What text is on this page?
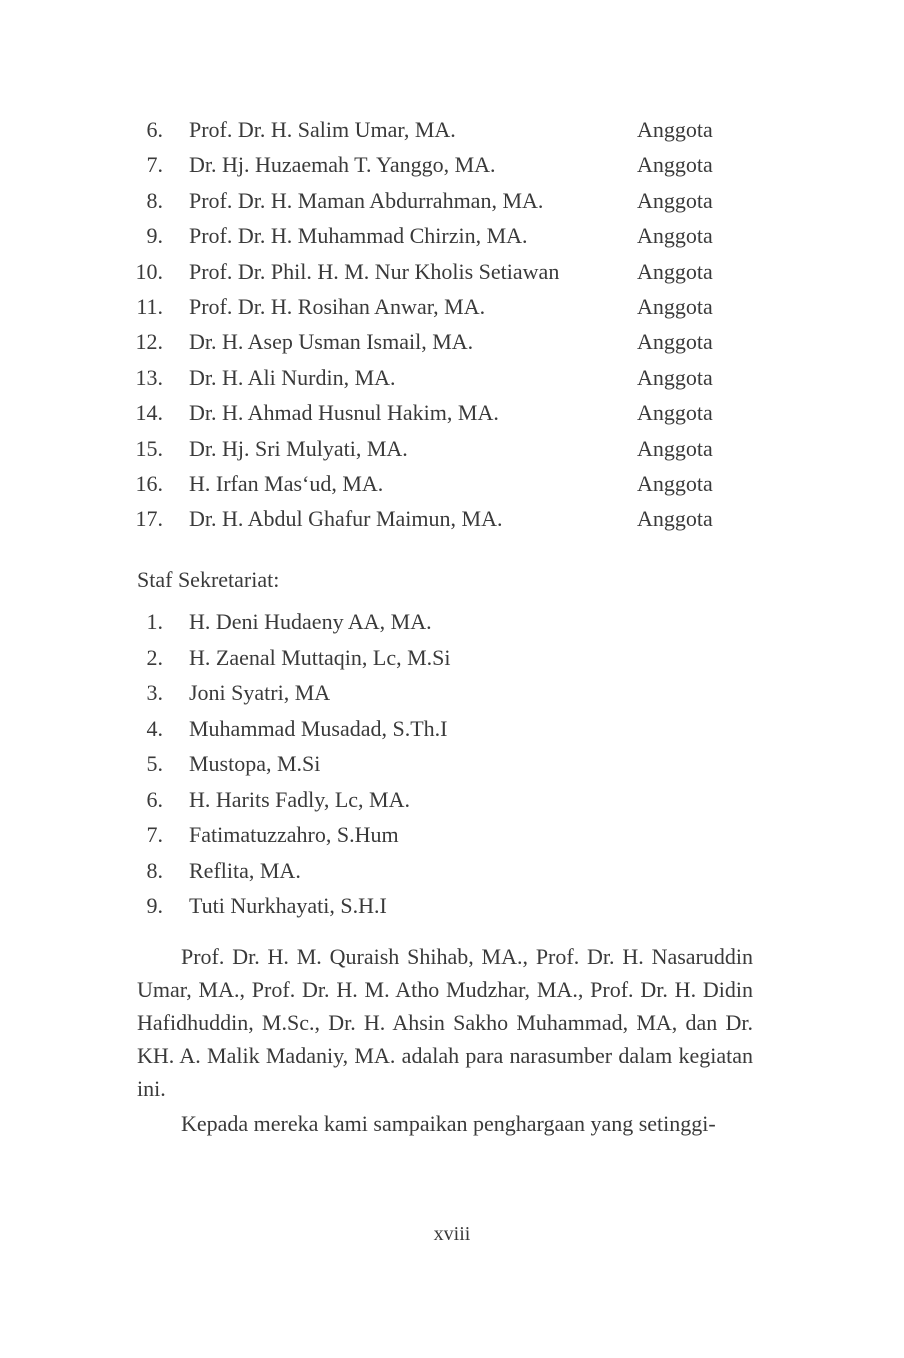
6. Prof. Dr. H. Salim Umar, MA.	Anggota
7. Dr. Hj. Huzaemah T. Yanggo, MA.	Anggota
8. Prof. Dr. H. Maman Abdurrahman, MA.	Anggota
9. Prof. Dr. H. Muhammad Chirzin, MA.	Anggota
10. Prof. Dr. Phil. H. M. Nur Kholis Setiawan	Anggota
11. Prof. Dr. H. Rosihan Anwar, MA.	Anggota
12. Dr. H. Asep Usman Ismail, MA.	Anggota
13. Dr. H. Ali Nurdin, MA.	Anggota
14. Dr. H. Ahmad Husnul Hakim, MA.	Anggota
15. Dr. Hj. Sri Mulyati, MA.	Anggota
16. H. Irfan Mas‘ud, MA.	Anggota
17. Dr. H. Abdul Ghafur Maimun, MA.	Anggota
Staf Sekretariat:
1. H. Deni Hudaeny AA, MA.
2. H. Zaenal Muttaqin, Lc, M.Si
3. Joni Syatri, MA
4. Muhammad Musadad, S.Th.I
5. Mustopa, M.Si
6. H. Harits Fadly, Lc, MA.
7. Fatimatuzzahro, S.Hum
8. Reflita, MA.
9. Tuti Nurkhayati, S.H.I

Prof. Dr. H. M. Quraish Shihab, MA., Prof. Dr. H. Nasaruddin Umar, MA., Prof. Dr. H. M. Atho Mudzhar, MA., Prof. Dr. H. Didin Hafidhuddin, M.Sc., Dr. H. Ahsin Sakho Muhammad, MA, dan Dr. KH. A. Malik Madaniy, MA. adalah para narasumber dalam kegiatan ini.

Kepada mereka kami sampaikan penghargaan yang setinggi-

xviii
